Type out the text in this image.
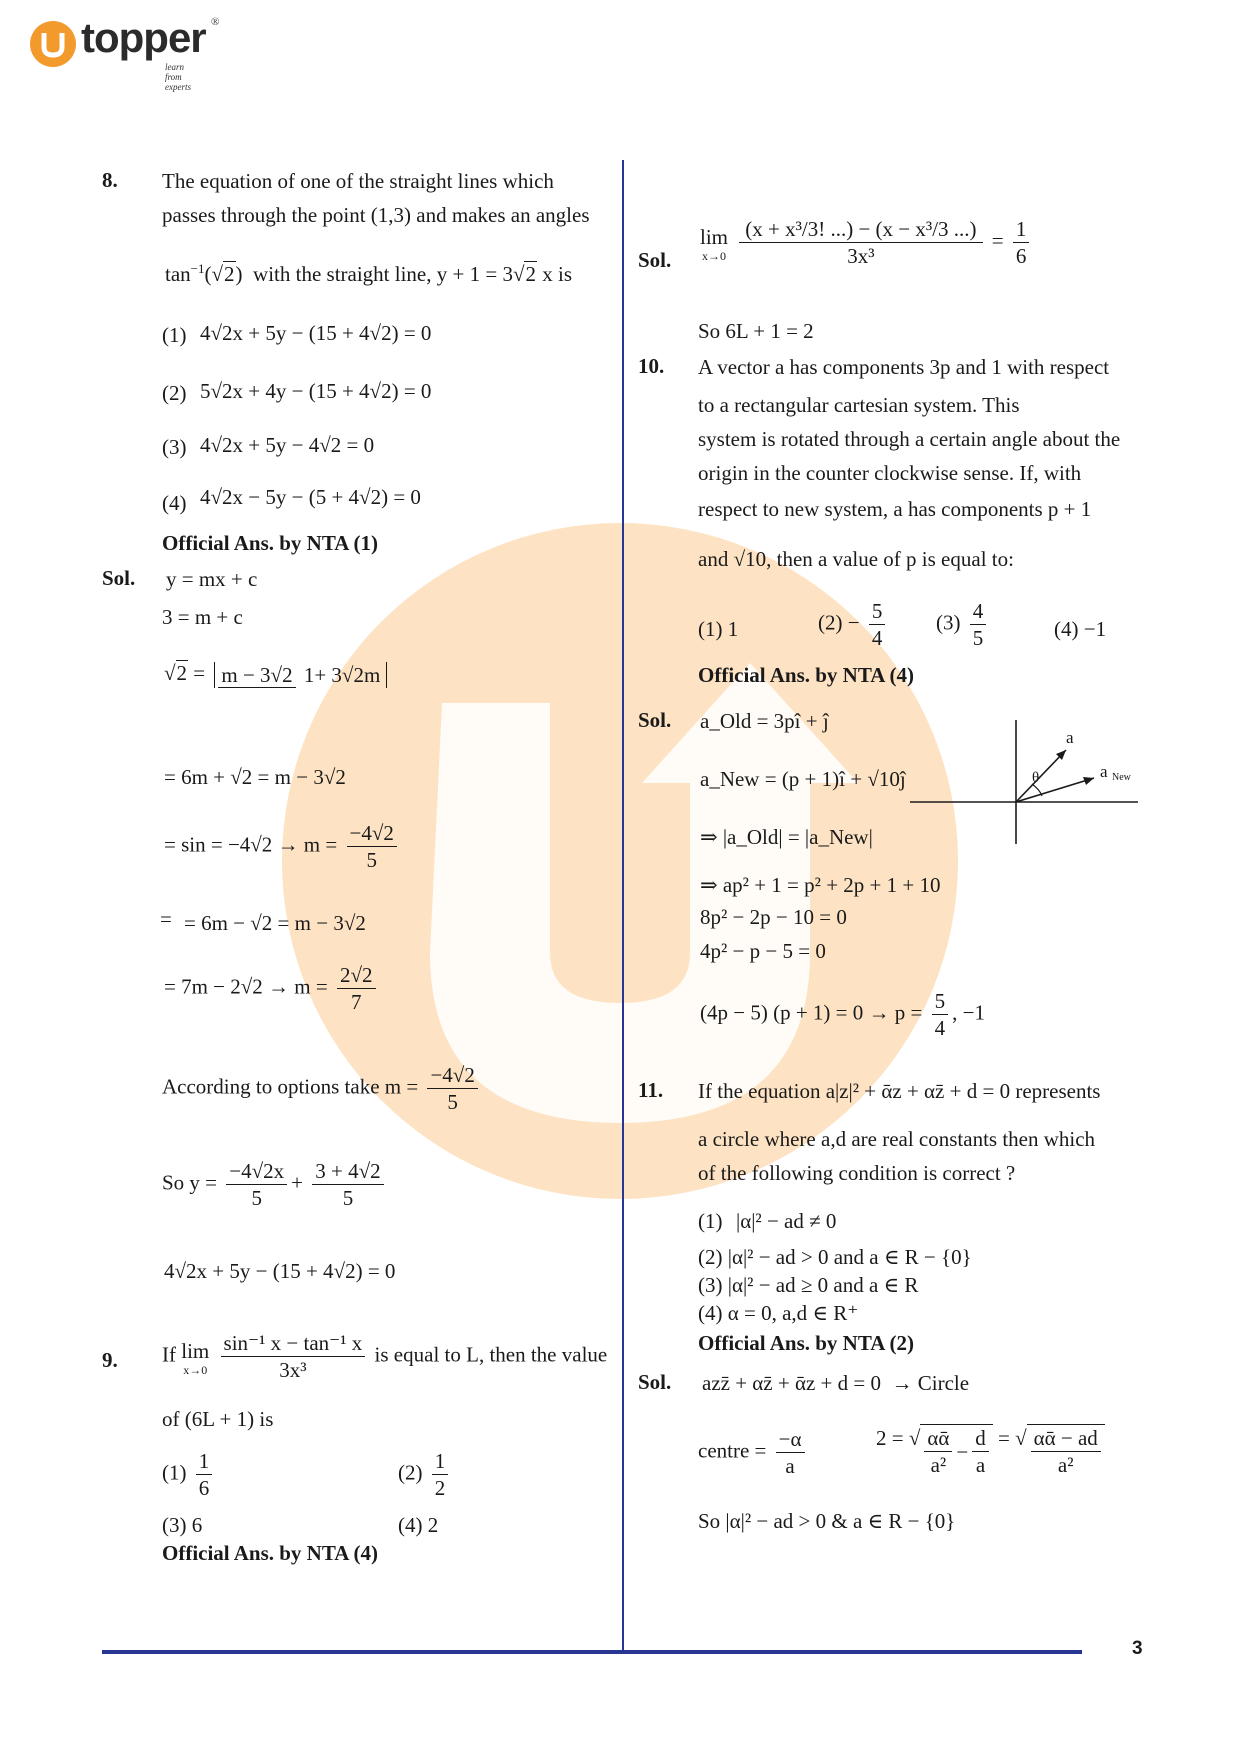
topper ®
learn from experts
3
8. The equation of one of the straight lines which
passes through the point (1,3) and makes an angles
$\tan^{-1}(√2)$  with the straight line, y + 1 = 3√2 x is
(1) 4√2x + 5y − (15 + 4√2) = 0
(2) 5√2x + 4y − (15 + 4√2) = 0
(3) 4√2x + 5y − 4√2 = 0
(4) 4√2x − 5y − (5 + 4√2) = 0
Official Ans. by NTA (1)
Sol. y = mx + c
3 = m + c
√2 = m − 3√2 1+ 3√2m
= 6m + √2 = m − 3√2
= $\sin = -4√2 \to m = \frac{-4√2}{5}$
= = 6m − √2 = m − 3√2
= $7m - 2√2 \to m = \frac{2√2}{7}$
According to options take $m = \frac{-4√2}{5}$
So $y = \frac{-4√2x}{5} + \frac{3 + 4√2}{5}$
4√2x + 5y − (15 + 4√2) = 0
9. If lim
x→0
$\frac{\text{sin⁻¹ x − tan⁻¹ x}}{\text{3x³}}$ is equal to L, then the value
of (6L + 1) is
$(1) \frac{1}{6}$	$(2) \frac{1}{2}$
(3) 6	(4) 2
Official Ans. by NTA (4)
Sol.
lim
x→0
$\frac{\text{(x + x³/3! ...) − (x − x³/3 ...)}}{\text{3x³}} = \frac{1}{6}$
So 6L + 1 = 2
10. A vector a has components 3p and 1 with respect
to a rectangular cartesian system. This
system is rotated through a certain angle about the
origin in the counter clockwise sense. If, with
respect to new system, a has components p + 1
and √10, then a value of p is equal to:
(1) 1	$(2) - \frac{5}{4} (3) \frac{4}{5}$	(4) −1
Official Ans. by NTA (4)
Sol. a_Old = 3pî + ĵ
a_New = (p + 1)î + √10ĵ
⇒ |a_Old| = |a_New|
⇒ ap² + 1 = p² + 2p + 1 + 10
8p² − 2p − 10 = 0
4p² − p − 5 = 0
(4p − 5) $(p + 1) = 0 \to p = \frac{5}{4}$ , −1
a
a New
θ
11. If the equation a|z|² + ᾱz + αz̄ + d = 0 represents
a circle where a,d are real constants then which
of the following condition is correct ?
(1) |α|² − ad ≠ 0
(2) |α|² − ad > 0 and a ∈ R − {0}
(3) |α|² − ad ≥ 0 and a ∈ R
(4) α = 0, a,d ∈ R⁺
Official Ans. by NTA (2)
Sol. azz̄ + αz̄ + ᾱz + d = 0 → Circle
centre = $\frac{-\alpha}{a}$	2 = √ $\frac{\text{αᾱ}}{\text{a²}} - \frac{d}{a}$ = √ $\frac{\text{αᾱ − ad}}{\text{a²}}$
So |α|² − ad > 0 & a ∈ R − {0}
